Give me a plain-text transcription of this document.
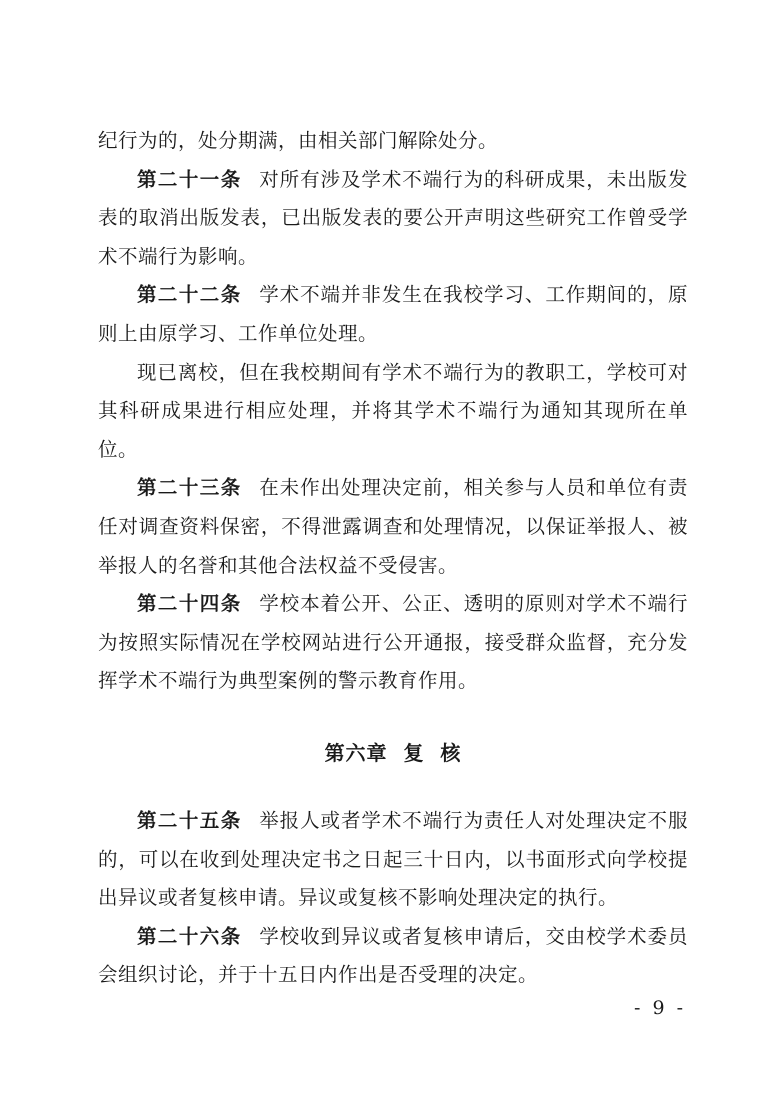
纪行为的，处分期满，由相关部门解除处分。

第二十一条 对所有涉及学术不端行为的科研成果，未出版发表的取消出版发表，已出版发表的要公开声明这些研究工作曾受学术不端行为影响。

第二十二条 学术不端并非发生在我校学习、工作期间的，原则上由原学习、工作单位处理。

现已离校，但在我校期间有学术不端行为的教职工，学校可对其科研成果进行相应处理，并将其学术不端行为通知其现所在单位。

第二十三条 在未作出处理决定前，相关参与人员和单位有责任对调查资料保密，不得泄露调查和处理情况，以保证举报人、被举报人的名誉和其他合法权益不受侵害。

第二十四条 学校本着公开、公正、透明的原则对学术不端行为按照实际情况在学校网站进行公开通报，接受群众监督，充分发挥学术不端行为典型案例的警示教育作用。

第六章  复  核

第二十五条 举报人或者学术不端行为责任人对处理决定不服的，可以在收到处理决定书之日起三十日内，以书面形式向学校提出异议或者复核申请。异议或复核不影响处理决定的执行。

第二十六条 学校收到异议或者复核申请后，交由校学术委员会组织讨论，并于十五日内作出是否受理的决定。

- 9 -
